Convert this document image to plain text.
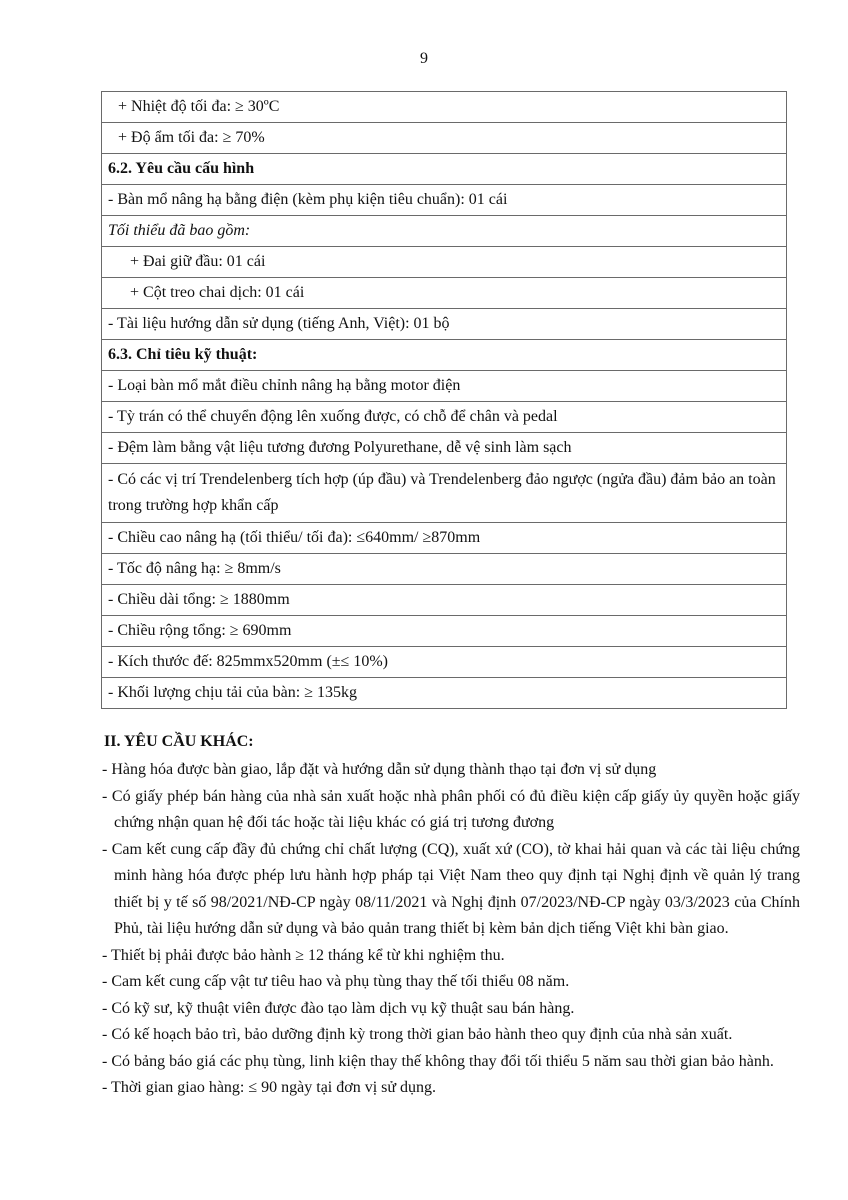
9
+ Nhiệt độ tối đa: ≥ 30ºC
+ Độ ẩm tối đa: ≥ 70%
6.2. Yêu cầu cấu hình
- Bàn mổ nâng hạ bằng điện (kèm phụ kiện tiêu chuẩn): 01 cái
Tối thiểu đã bao gồm:
+ Đai giữ đầu: 01 cái
+ Cột treo chai dịch: 01 cái
- Tài liệu hướng dẫn sử dụng (tiếng Anh, Việt): 01 bộ
6.3. Chỉ tiêu kỹ thuật:
- Loại bàn mổ mắt điều chỉnh nâng hạ bằng motor điện
- Tỳ trán có thể chuyển động lên xuống được, có chỗ để chân và pedal
- Đệm làm bằng vật liệu tương đương Polyurethane, dễ vệ sinh làm sạch
- Có các vị trí Trendelenberg tích hợp (úp đầu) và Trendelenberg đảo ngược (ngửa đầu) đảm bảo an toàn trong trường hợp khẩn cấp
- Chiều cao nâng hạ (tối thiểu/ tối đa): ≤640mm/ ≥870mm
- Tốc độ nâng hạ: ≥ 8mm/s
- Chiều dài tổng: ≥ 1880mm
- Chiều rộng tổng: ≥ 690mm
- Kích thước đế: 825mmx520mm (±≤ 10%)
- Khối lượng chịu tải của bàn: ≥ 135kg
II. YÊU CẦU KHÁC:
- Hàng hóa được bàn giao, lắp đặt và hướng dẫn sử dụng thành thạo tại đơn vị sử dụng
- Có giấy phép bán hàng của nhà sản xuất hoặc nhà phân phối có đủ điều kiện cấp giấy ủy quyền hoặc giấy chứng nhận quan hệ đối tác hoặc tài liệu khác có giá trị tương đương
- Cam kết cung cấp đầy đủ chứng chỉ chất lượng (CQ), xuất xứ (CO), tờ khai hải quan và các tài liệu chứng minh hàng hóa được phép lưu hành hợp pháp tại Việt Nam theo quy định tại Nghị định về quản lý trang thiết bị y tế số 98/2021/NĐ-CP ngày 08/11/2021 và Nghị định 07/2023/NĐ-CP ngày 03/3/2023 của Chính Phủ, tài liệu hướng dẫn sử dụng và bảo quản trang thiết bị kèm bản dịch tiếng Việt khi bàn giao.
- Thiết bị phải được bảo hành ≥ 12 tháng kể từ khi nghiệm thu.
- Cam kết cung cấp vật tư tiêu hao và phụ tùng thay thế tối thiểu 08 năm.
- Có kỹ sư, kỹ thuật viên được đào tạo làm dịch vụ kỹ thuật sau bán hàng.
- Có kế hoạch bảo trì, bảo dưỡng định kỳ trong thời gian bảo hành theo quy định của nhà sản xuất.
- Có bảng báo giá các phụ tùng, linh kiện thay thế không thay đổi tối thiểu 5 năm sau thời gian bảo hành.
- Thời gian giao hàng: ≤ 90 ngày tại đơn vị sử dụng.
